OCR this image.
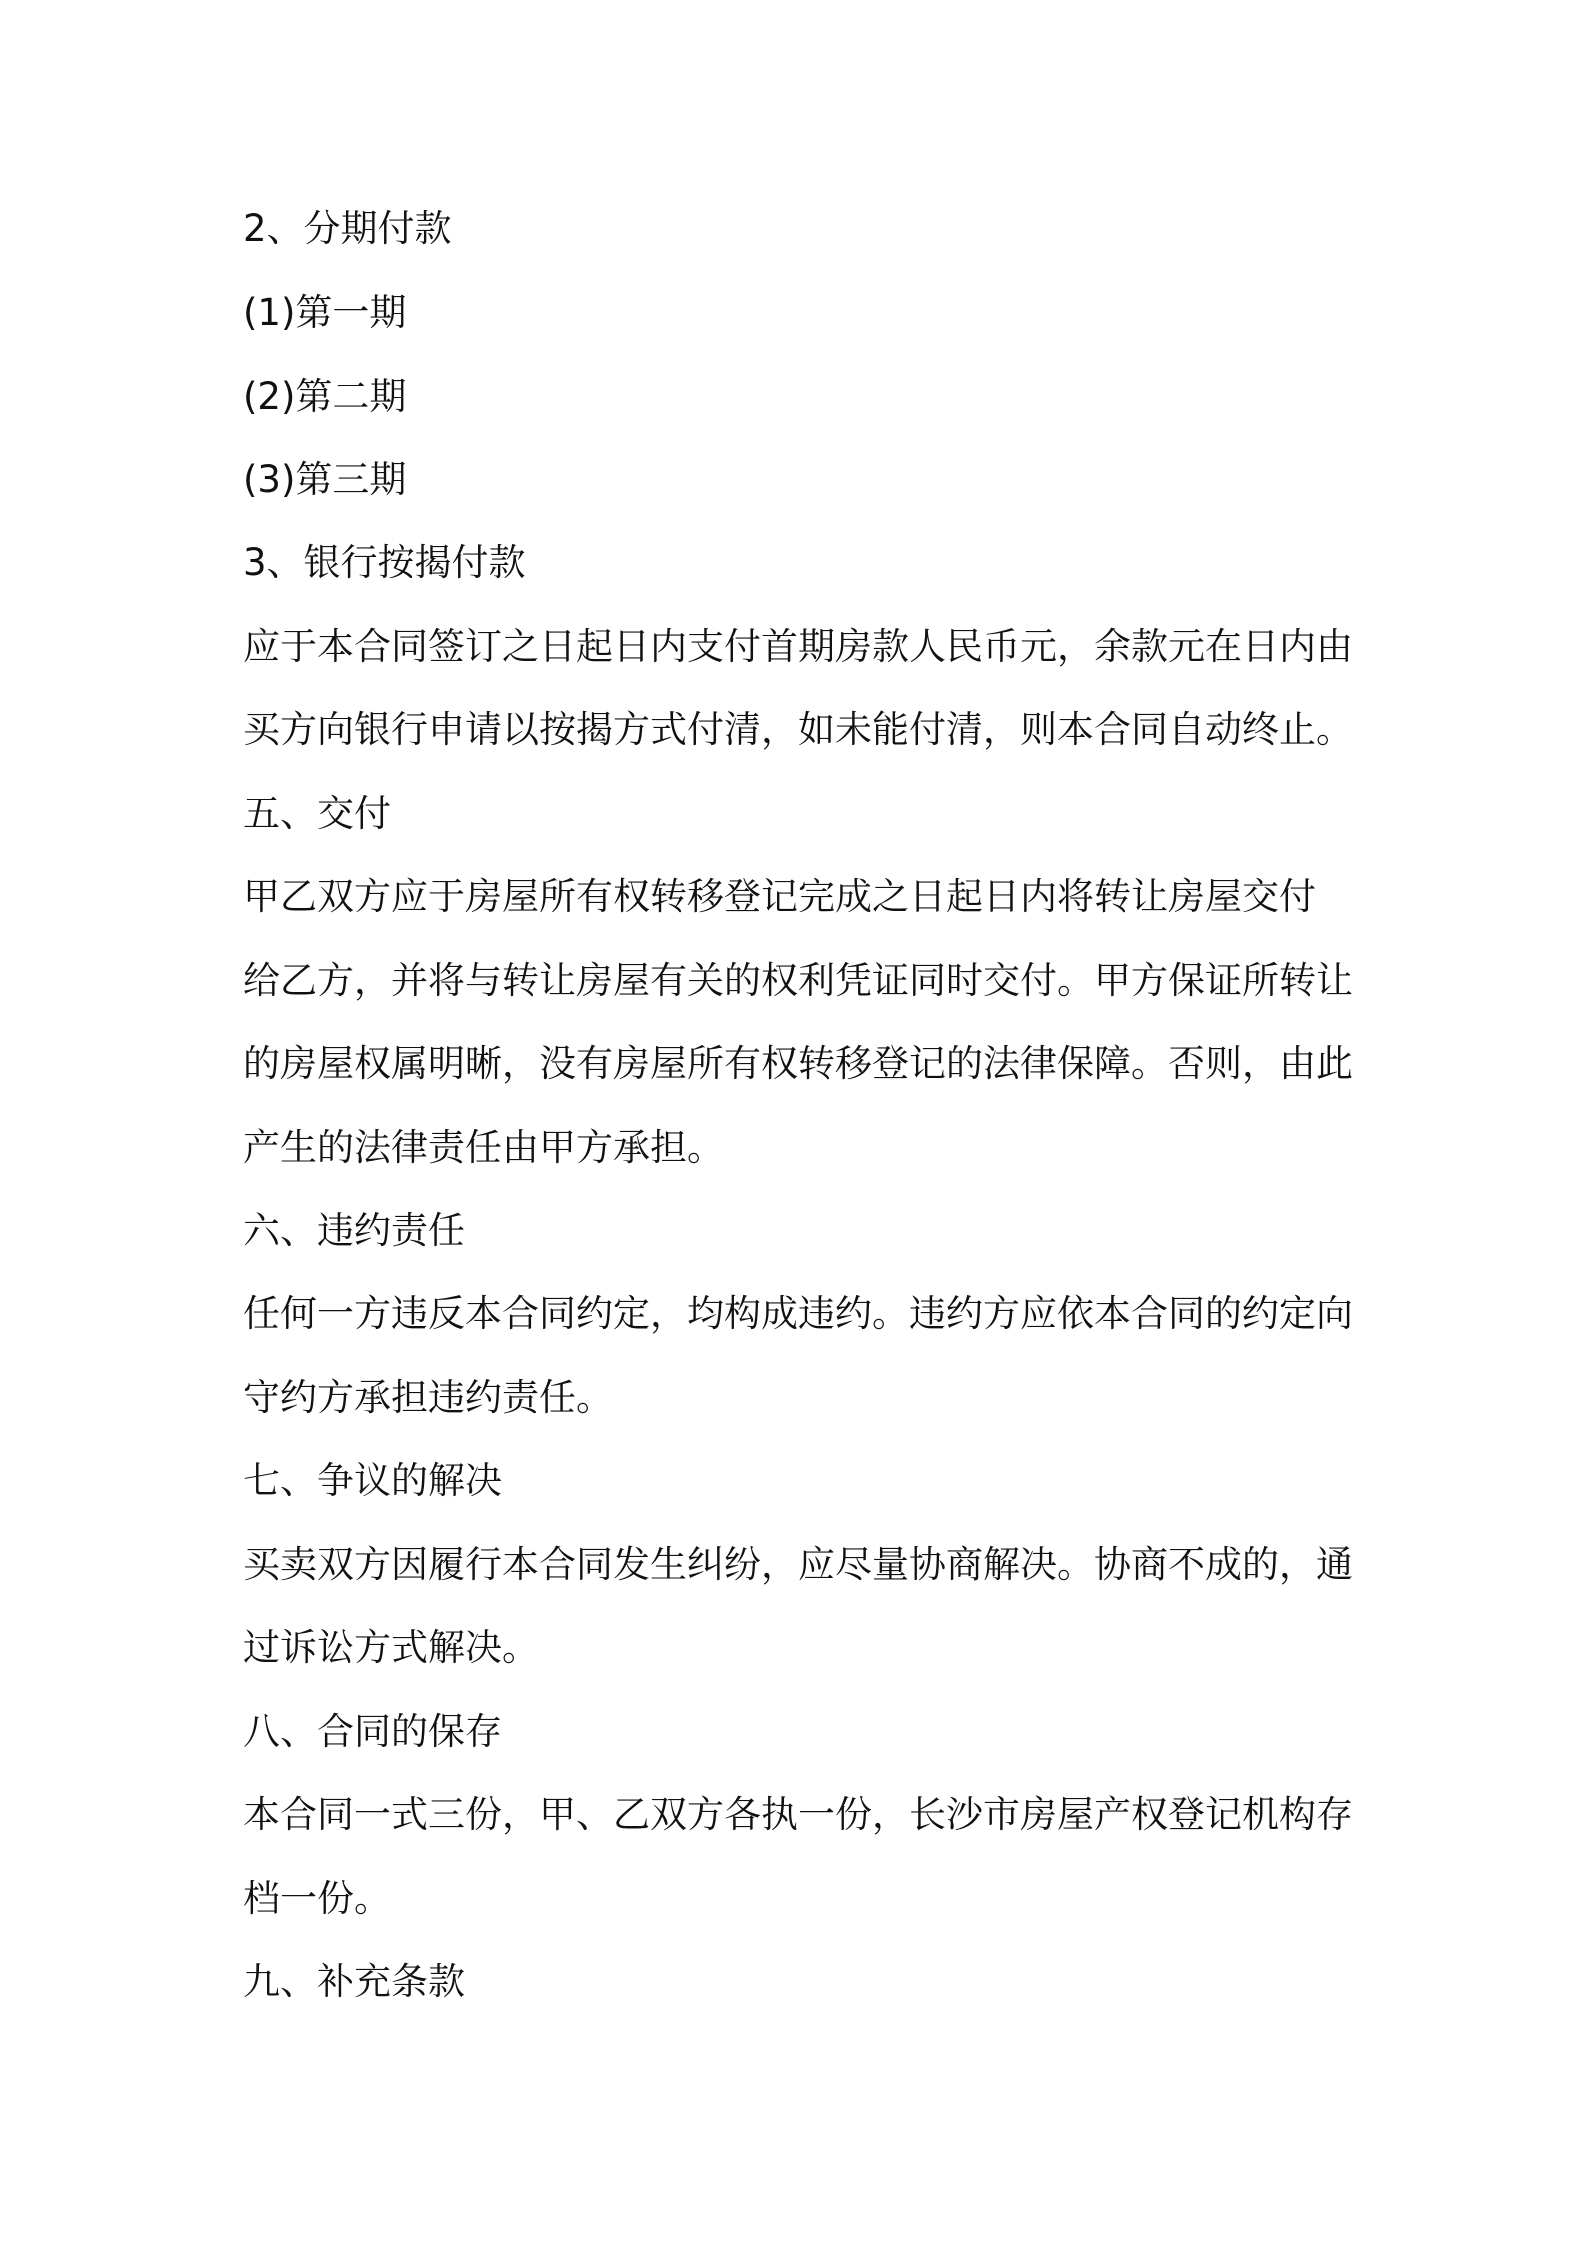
2、分期付款
(1)第一期
(2)第二期
(3)第三期
3、银行按揭付款
应于本合同签订之日起日内支付首期房款人民币元，余款元在日内由
买方向银行申请以按揭方式付清，如未能付清，则本合同自动终止。
五、交付
甲乙双方应于房屋所有权转移登记完成之日起日内将转让房屋交付
给乙方，并将与转让房屋有关的权利凭证同时交付。甲方保证所转让
的房屋权属明晰，没有房屋所有权转移登记的法律保障。否则，由此
产生的法律责任由甲方承担。
六、违约责任
任何一方违反本合同约定，均构成违约。违约方应依本合同的约定向
守约方承担违约责任。
七、争议的解决
买卖双方因履行本合同发生纠纷，应尽量协商解决。协商不成的，通
过诉讼方式解决。
八、合同的保存
本合同一式三份，甲、乙双方各执一份，长沙市房屋产权登记机构存
档一份。
九、补充条款
